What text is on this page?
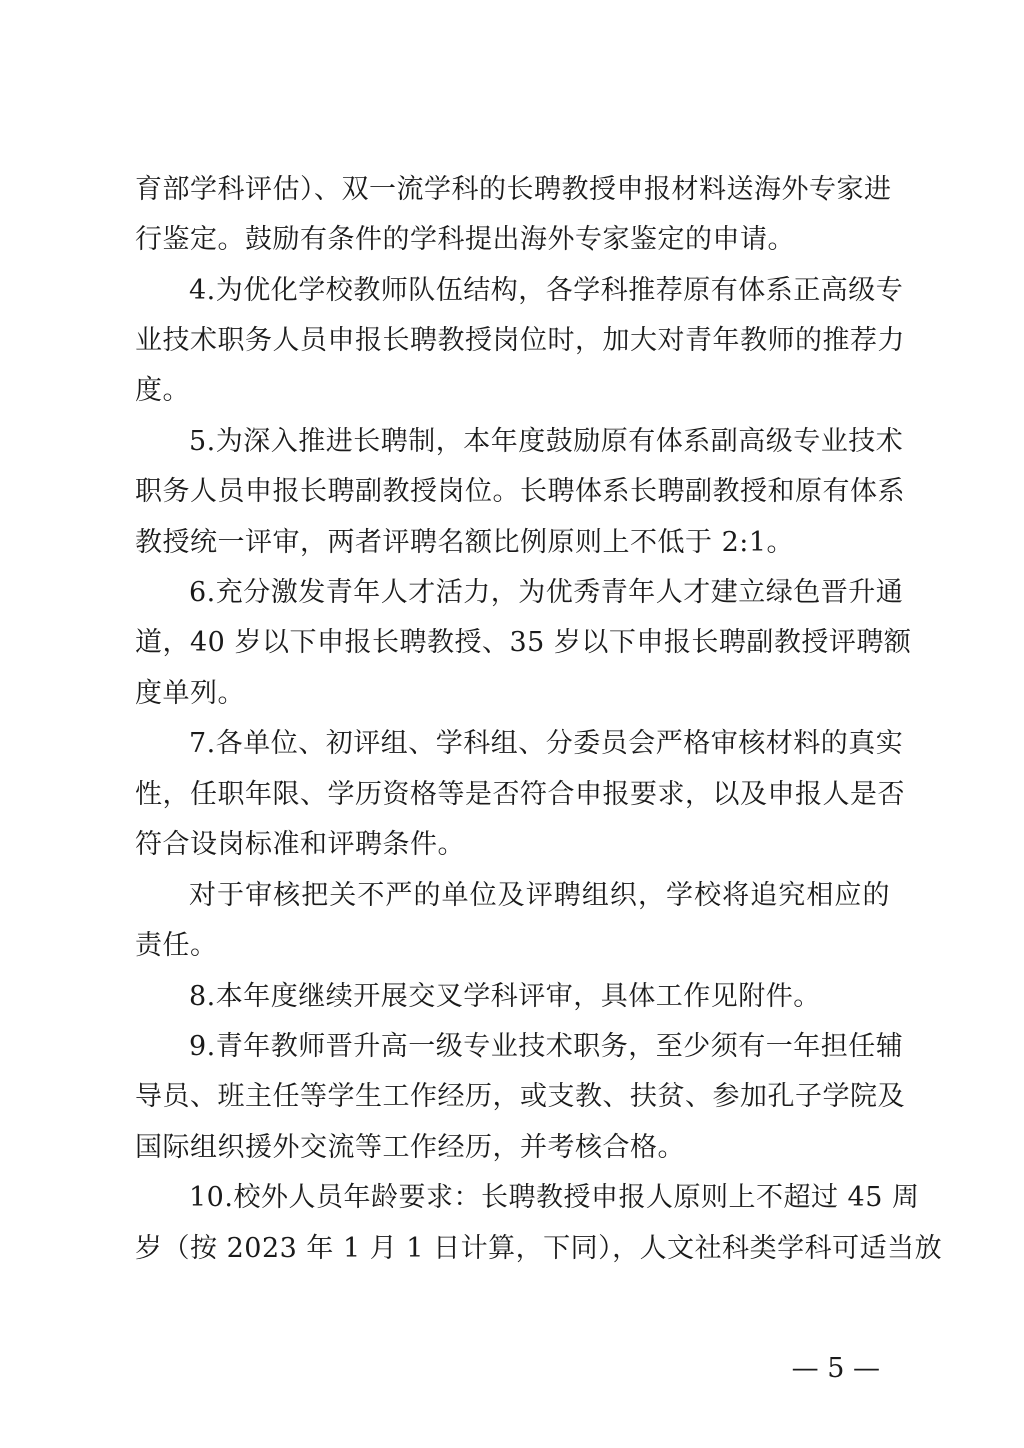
育部学科评估）、双一流学科的长聘教授申报材料送海外专家进
行鉴定。鼓励有条件的学科提出海外专家鉴定的申请。
4.为优化学校教师队伍结构，各学科推荐原有体系正高级专
业技术职务人员申报长聘教授岗位时，加大对青年教师的推荐力
度。
5.为深入推进长聘制，本年度鼓励原有体系副高级专业技术
职务人员申报长聘副教授岗位。长聘体系长聘副教授和原有体系
教授统一评审，两者评聘名额比例原则上不低于 2:1。
6.充分激发青年人才活力，为优秀青年人才建立绿色晋升通
道，40 岁以下申报长聘教授、35 岁以下申报长聘副教授评聘额
度单列。
7.各单位、初评组、学科组、分委员会严格审核材料的真实
性，任职年限、学历资格等是否符合申报要求，以及申报人是否
符合设岗标准和评聘条件。
对于审核把关不严的单位及评聘组织，学校将追究相应的
责任。
8.本年度继续开展交叉学科评审，具体工作见附件。
9.青年教师晋升高一级专业技术职务，至少须有一年担任辅
导员、班主任等学生工作经历，或支教、扶贫、参加孔子学院及
国际组织援外交流等工作经历，并考核合格。
10.校外人员年龄要求：长聘教授申报人原则上不超过 45 周
岁（按 2023 年 1 月 1 日计算，下同），人文社科类学科可适当放
— 5 —
